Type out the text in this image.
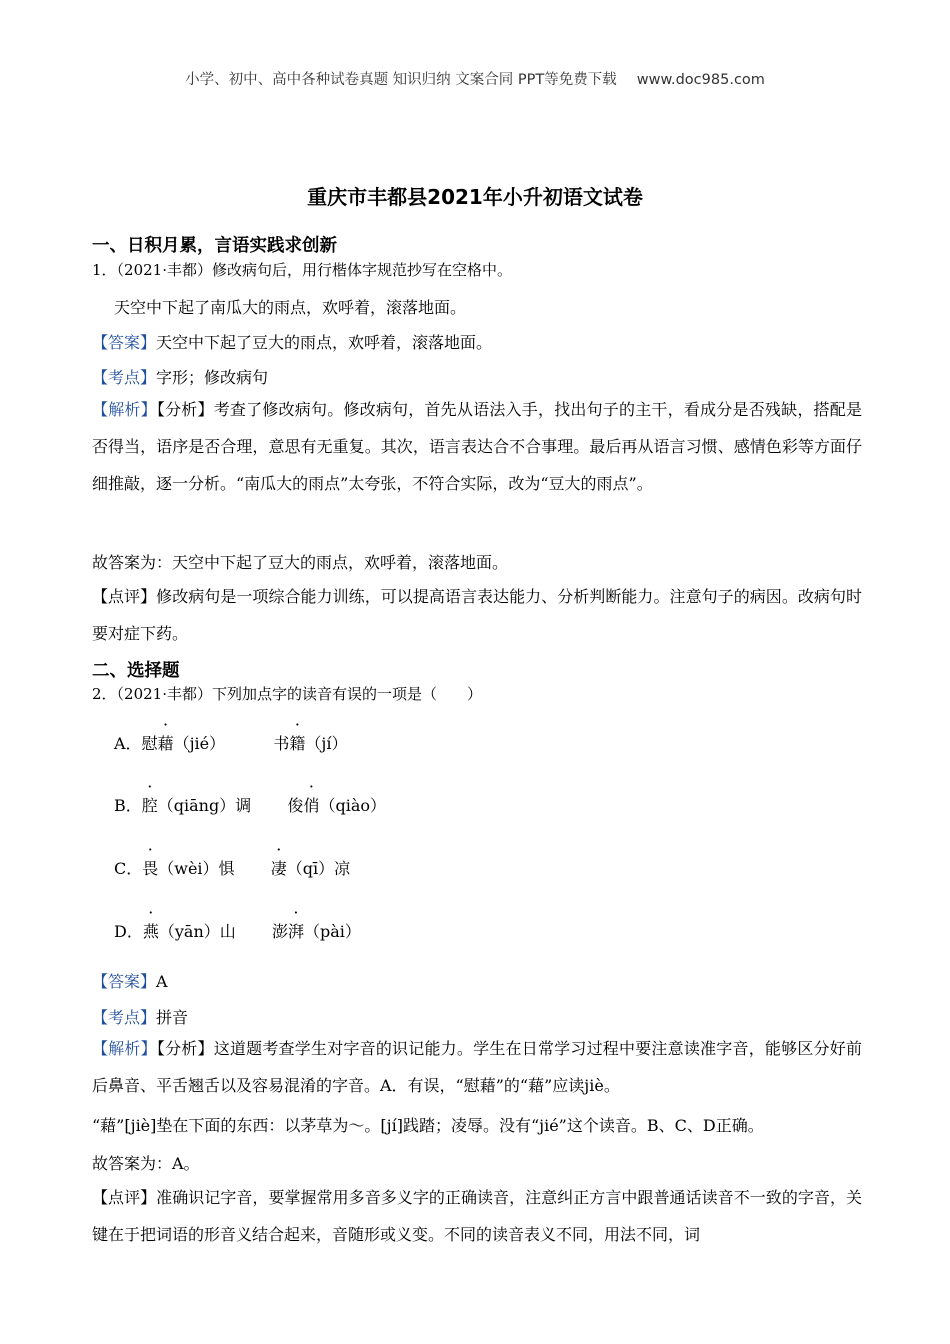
小学、初中、高中各种试卷真题 知识归纳 文案合同 PPT等免费下载 www.doc985.com
重庆市丰都县2021年小升初语文试卷
一、日积月累，言语实践求创新
1．（2021·丰都）修改病句后，用行楷体字规范抄写在空格中。
天空中下起了南瓜大的雨点，欢呼着，滚落地面。
【答案】天空中下起了豆大的雨点，欢呼着，滚落地面。
【考点】字形；修改病句
【解析】【分析】考查了修改病句。修改病句，首先从语法入手，找出句子的主干，看成分是否残缺，搭配是否得当，语序是否合理，意思有无重复。其次，语言表达合不合事理。最后再从语言习惯、感情色彩等方面仔细推敲，逐一分析。“南瓜大的雨点”太夸张，不符合实际，改为“豆大的雨点”。
故答案为：天空中下起了豆大的雨点，欢呼着，滚落地面。
【点评】修改病句是一项综合能力训练，可以提高语言表达能力、分析判断能力。注意句子的病因。改病句时要对症下药。
二、选择题
2．（2021·丰都）下列加点字的读音有误的一项是（　　）
A．慰藉（jié）	书籍（jí）
B．腔（qiāng）调 俊俏（qiào）
C．畏（wèi）惧 凄（qī）凉
D．燕（yān）山 澎湃（pài）
【答案】A
【考点】拼音
【解析】【分析】这道题考查学生对字音的识记能力。学生在日常学习过程中要注意读准字音，能够区分好前后鼻音、平舌翘舌以及容易混淆的字音。A．有误，“慰藉”的“藉”应读jiè。
“藉”[jiè]垫在下面的东西：以茅草为～。[jí]践踏；凌辱。没有“jié”这个读音。B、C、D正确。
故答案为：A。
【点评】准确识记字音，要掌握常用多音多义字的正确读音，注意纠正方言中跟普通话读音不一致的字音，关键在于把词语的形音义结合起来，音随形或义变。不同的读音表义不同，用法不同，词
